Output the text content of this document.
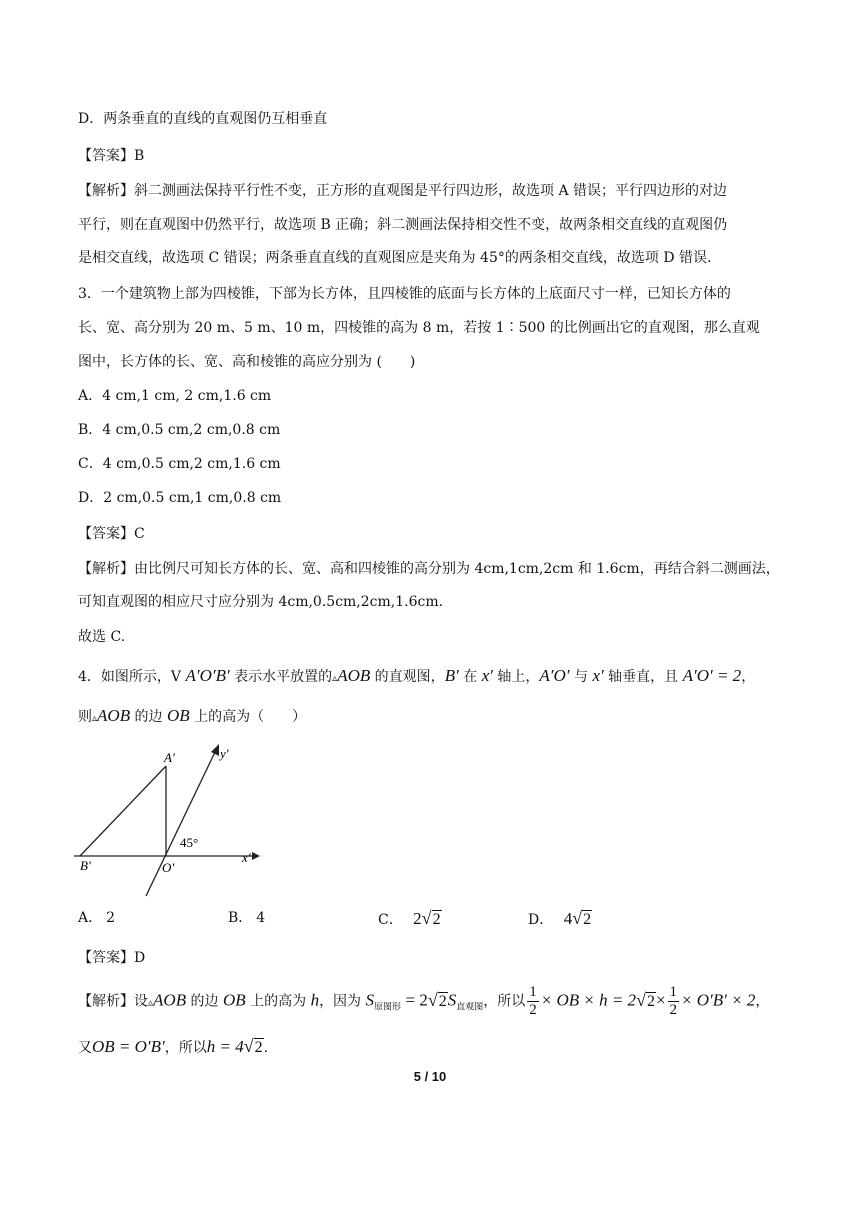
D．两条垂直的直线的直观图仍互相垂直
【答案】B
【解析】斜二测画法保持平行性不变，正方形的直观图是平行四边形，故选项 A 错误；平行四边形的对边
平行，则在直观图中仍然平行，故选项 B 正确；斜二测画法保持相交性不变，故两条相交直线的直观图仍
是相交直线，故选项 C 错误；两条垂直直线的直观图应是夹角为 45°的两条相交直线，故选项 D 错误.
3．一个建筑物上部为四棱锥，下部为长方体，且四棱锥的底面与长方体的上底面尺寸一样，已知长方体的
长、宽、高分别为 20 m、5 m、10 m，四棱锥的高为 8 m，若按 1∶500 的比例画出它的直观图，那么直观
图中，长方体的长、宽、高和棱锥的高应分别为 (　　)
A．4 cm,1 cm, 2 cm,1.6 cm
B．4 cm,0.5 cm,2 cm,0.8 cm
C．4 cm,0.5 cm,2 cm,1.6 cm
D．2 cm,0.5 cm,1 cm,0.8 cm
【答案】C
【解析】由比例尺可知长方体的长、宽、高和四棱锥的高分别为 4cm,1cm,2cm 和 1.6cm，再结合斜二测画法，
可知直观图的相应尺寸应分别为 4cm,0.5cm,2cm,1.6cm.
故选 C.
4．如图所示，V A′O′B′ 表示水平放置的▵AOB 的直观图，B′ 在 x′ 轴上，A′O′ 与 x′ 轴垂直，且 A′O′ = 2，
则▵AOB 的边 OB 上的高为（　　）
A'	y'
45°
B'	O'
x'
A． 2	B． 4	C． 2√2	D． 4√2
【答案】D
【解析】设▵AOB 的边 OB 上的高为 h，因为 $S_{原图形} = 2√2S_{直观图}$，所以 $\frac{1}{2}$ × OB × $h = 2√2\times \frac{1}{2} \times O'B' \times 2$，
又OB = O′B′，所以h = 4√2.
5 / 10
